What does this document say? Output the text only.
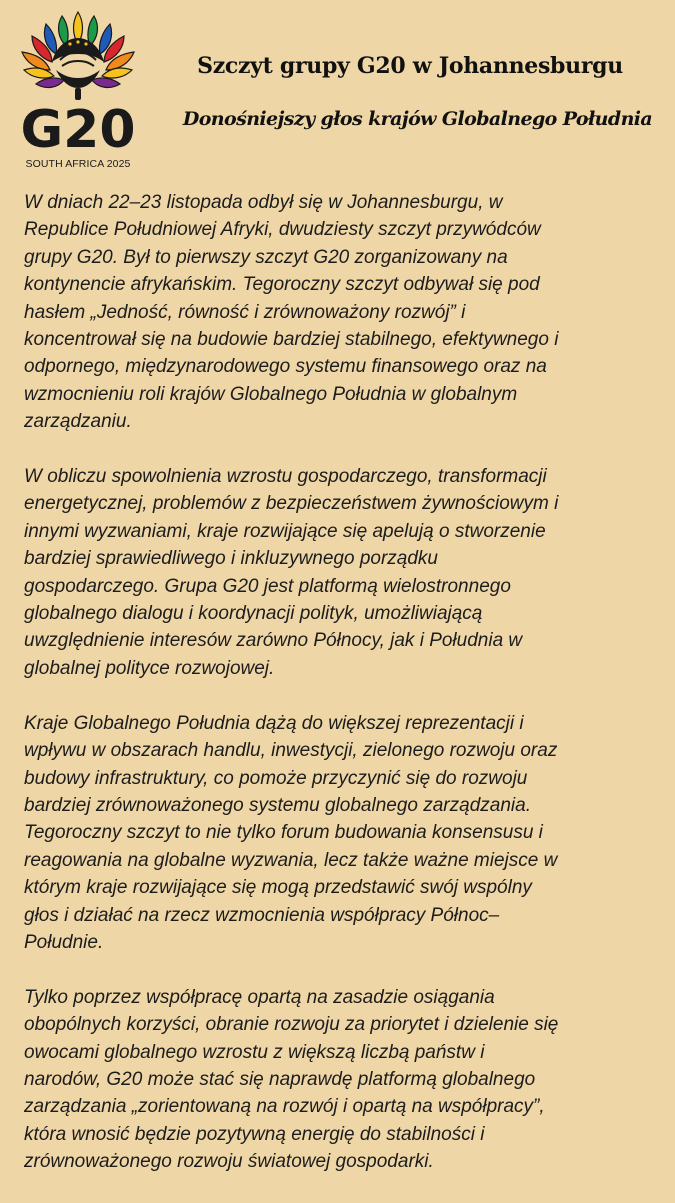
G20
SOUTH AFRICA 2025
Szczyt grupy G20 w Johannesburgu
Donośniejszy głos krajów Globalnego Południa

W dniach 22–23 listopada odbył się w Johannesburgu, w
Republice Południowej Afryki, dwudziesty szczyt przywódców
grupy G20. Był to pierwszy szczyt G20 zorganizowany na
kontynencie afrykańskim. Tegoroczny szczyt odbywał się pod
hasłem „Jedność, równość i zrównoważony rozwój” i
koncentrował się na budowie bardziej stabilnego, efektywnego i
odpornego, międzynarodowego systemu finansowego oraz na
wzmocnieniu roli krajów Globalnego Południa w globalnym
zarządzaniu.

W obliczu spowolnienia wzrostu gospodarczego, transformacji
energetycznej, problemów z bezpieczeństwem żywnościowym i
innymi wyzwaniami, kraje rozwijające się apelują o stworzenie
bardziej sprawiedliwego i inkluzywnego porządku
gospodarczego. Grupa G20 jest platformą wielostronnego
globalnego dialogu i koordynacji polityk, umożliwiającą
uwzględnienie interesów zarówno Północy, jak i Południa w
globalnej polityce rozwojowej.

Kraje Globalnego Południa dążą do większej reprezentacji i
wpływu w obszarach handlu, inwestycji, zielonego rozwoju oraz
budowy infrastruktury, co pomoże przyczynić się do rozwoju
bardziej zrównoważonego systemu globalnego zarządzania.
Tegoroczny szczyt to nie tylko forum budowania konsensusu i
reagowania na globalne wyzwania, lecz także ważne miejsce w
którym kraje rozwijające się mogą przedstawić swój wspólny
głos i działać na rzecz wzmocnienia współpracy Północ–
Południe.

Tylko poprzez współpracę opartą na zasadzie osiągania
obopólnych korzyści, obranie rozwoju za priorytet i dzielenie się
owocami globalnego wzrostu z większą liczbą państw i
narodów, G20 może stać się naprawdę platformą globalnego
zarządzania „zorientowaną na rozwój i opartą na współpracy”,
która wnosić będzie pozytywną energię do stabilności i
zrównoważonego rozwoju światowej gospodarki.
